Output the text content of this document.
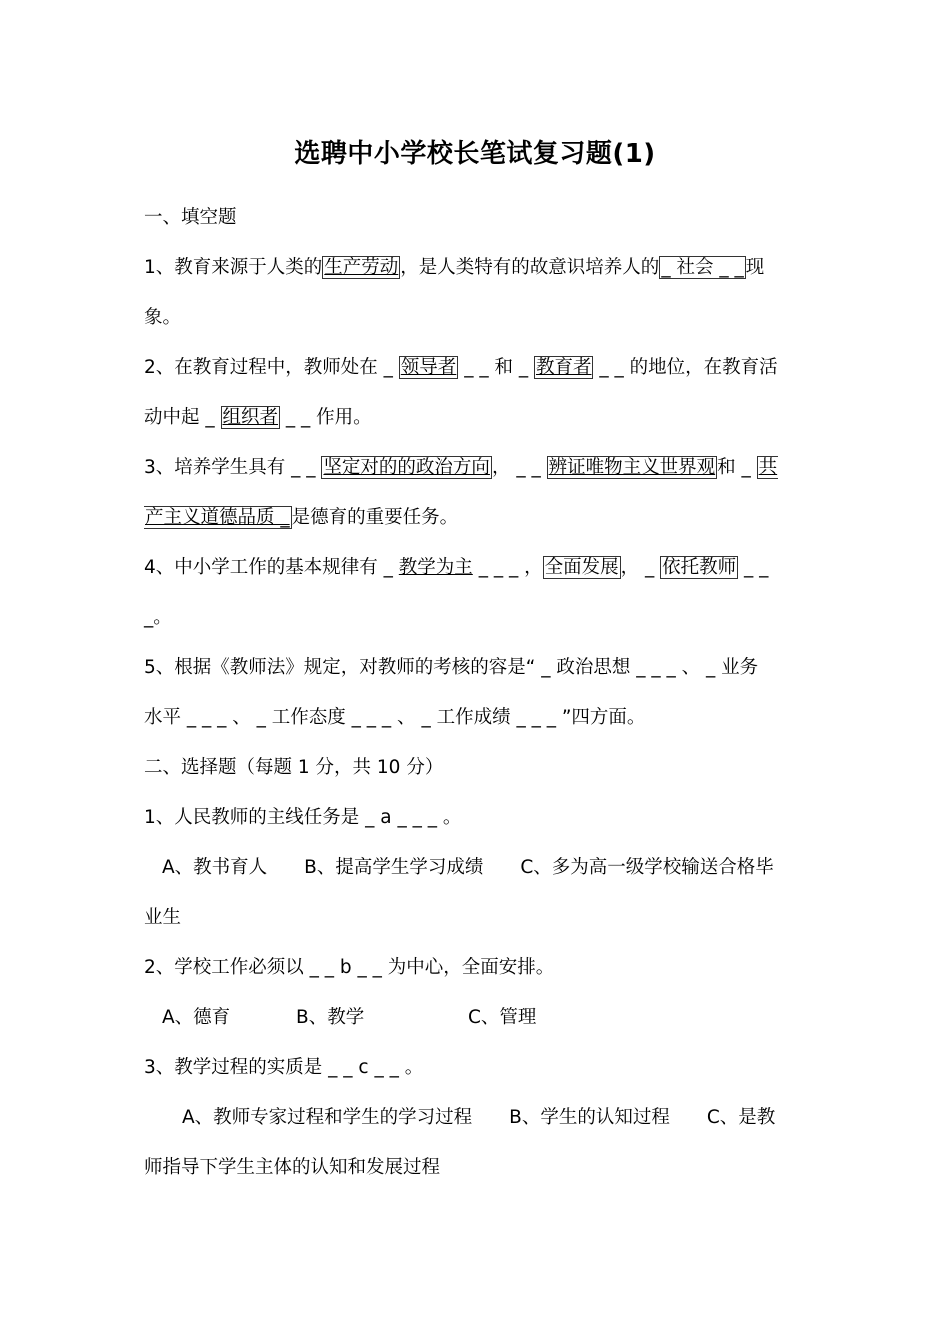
选聘中小学校长笔试复习题(1)
一、填空题
1、教育来源于人类的 生产劳动 ，是人类特有的故意识培养人的 _ 社会 _ _ 现
象。
2、在教育过程中，教师处在 _ 领导者 _ _ 和 _ 教育者 _ _ 的地位，在教育活
动中起 _ 组织者 _ _ 作用。
3、培养学生具有 _ _ 坚定对的的政治方向 ， _ _ 辨证唯物主义世界观 和 _ 共
产主义道德品质 _ 是德育的重要任务。
4、中小学工作的基本规律有 _ 教学为主 _ _ _ ， 全面发展 ， _ 依托教师 _ _
_。
5、根据《教师法》规定，对教师的考核的容是“ _ 政治思想 _ _ _ 、 _ 业务
水平 _ _ _ 、 _ 工作态度 _ _ _ 、 _ 工作成绩 _ _ _ ”四方面。
二、选择题（每题 1 分，共 10 分）
1、人民教师的主线任务是 _ a _ _ _ 。
A、教书育人　　B、提高学生学习成绩　　C、多为高一级学校输送合格毕
业生
2、学校工作必须以 _ _ b _ _ 为中心，全面安排。
A、德育	B、教学	C、管理
3、教学过程的实质是 _ _ c _ _ 。
A、教师专家过程和学生的学习过程　　B、学生的认知过程　　C、是教
师指导下学生主体的认知和发展过程
